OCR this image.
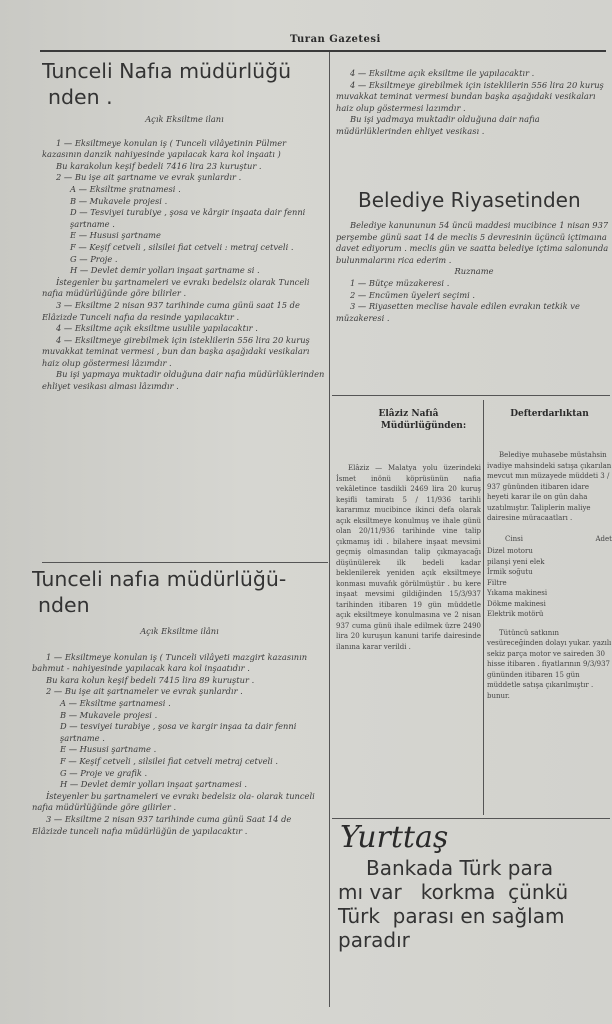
Turan Gazetesi
Tunceli Nafıa müdürlüğü
nden .

Açık Eksiltme ilanı

1 — Eksiltmeye konulan iş ( Tunceli vilâyetinin Pülmer kazasının danzik nahiyesinde yapılacak kara kol inşaatı )

Bu karakolun keşif bedeli 7416 lira 23 kuruştur .

2 — Bu işe ait şartname ve evrak şunlardır .

A — Eksiltme şratnamesi .

B — Mukavele projesi .

D — Tesviyei turabiye , şosa ve kârgir inşaata dair fenni şartname .

E — Hususi şartname

F — Keşif cetveli , silsilei fiat cetveli : metraj cetveli .

G — Proje .

H — Devlet demir yolları inşaat şartname si .

İstegenler bu şartnameleri ve evrakı bedelsiz olarak Tunceli nafıa müdürlüğünde göre bilirler .

3 — Eksiltme 2 nisan 937 tarihinde cuma günü saat 15 de Elâzizde Tunceli nafıa da resinde yapılacaktır .

4 — Eksiltme açık eksiltme usulile yapılacaktır .

4 — Eksiltmeye girebilmek için isteklilerin 556 lira 20 kuruş muvakkat teminat vermesi , bun dan başka aşağıdaki vesikaları haiz olup göstermesi lâzımdır .

Bu işi yapmaya muktadir olduğuna dair nafıa müdürlüklerinden ehliyet vesikası alması lâzımdır .

Tunceli nafıa müdürlüğü-
nden

Açık Eksiltme ilânı

1 — Eksiltmeye konulan iş ( Tunceli vilâyeti mazgirt kazasının bahmut - nahiyesinde yapılacak kara kol inşaatıdır .

Bu kara kolun keşif bedeli 7415 lira 89 kuruştur .

2 — Bu işe ait şartnameler ve evrak şunlardır .

A — Eksiltme şartnamesi .

B — Mukavele projesi .

D — tesviyei turabiye , şosa ve kargir inşaa ta dair fenni şartname .

E — Hususi şartname .

F — Keşif cetveli , silsilei fiat cetveli metraj cetveli .

G — Proje ve grafik .

H — Devlet demir yolları inşaat şartnamesi .

İsteyenler bu şartnameleri ve evrakı bedelsiz ola- olarak tunceli nafıa müdürlüğünde göre gilirler .

3 — Eksiltme 2 nisan 937 tarihinde cuma günü Saat 14 de Elâzizde tunceli nafıa müdürlüğün de yapılacaktır .

4 — Eksiltme açık eksiltme ile yapılacaktır .

4 — Eksiltmeye girebilmek için isteklilerin 556 lira 20 kuruş muvakkat teminat vermesi bundan başka aşağıdaki vesikaları haiz olup göstermesi lazımdır .

Bu işi yadmaya muktadir olduğuna dair nafıa müdürlüklerinden ehliyet vesikası .

Belediye Riyasetinden

Belediye kanununun 54 üncü maddesi mucibince 1 nisan 937 perşembe günü saat 14 de meclis 5 devresinin üçüncü içtimaına davet ediyorum . meclis gün ve saatta belediye içtima salonunda bulunmalarını rica ederim .

Ruzname

1 — Bütçe müzakeresi .

2 — Encümen üyeleri seçimi .

3 — Riyasetten meclise havale edilen evrakın tetkik ve müzakeresi .

Elâziz Nafıâ
Müdürlüğünden:

Elâziz — Malatya yolu üzerindeki İsmet inönü köprüsünün nafia vekâletince tasdikli 2469 lira 20 kuruş keşifli tamiratı 5 / 11/936 tarihli kararımız mucibince ikinci defa olarak açık eksiltmeye konulmuş ve ihale günü olan 20/11/936 tarihinde vine talip çıkmamış idi . bilahere inşaat mevsimi geçmiş olmasından talip çıkmayacağı düşünülerek ilk bedeli kadar beklenilerek yeniden açık eksiltmeye konması muvafık görülmüştür . bu kere inşaat mevsimi gildiğinden 15/3/937 tarihinden itibaren 19 gün müddetle açık eksiltmeye konulmasına ve 2 nisan 937 cuma günü ihale edilmek üzre 2490 lira 20 kuruşun kanuni tarife dairesinde ilanına karar verildi .

Defterdarlıktan

Belediye muhasebe müstahsin ivadiye mahsindeki satışa çıkarılan mevcut mın müzayede müddeti 3 / 937 gününden itibaren idare heyeti karar ile on gün daha uzatılmıştır. Taliplerin maliye dairesine müracaatları .

Cinsi	Adet
Dizel motoru
pilanşi yeni elek
İrmik soğutu
Filtre
Yıkama makinesi
Dökme makinesi
Elektrik motörü

Tütüncü satkının vesüreceğinden dolayı yukar. yazılı sekiz parça motor ve saireden 30 hisse itibaren . fiyatlarının 9/3/937 gününden itibaren 15 gün müddetle satışa çıkarılmıştır . bunur.

Yurttaş
Bankada Türk para
mı var   korkma  çünkü
Türk  parası en sağlam
paradır
